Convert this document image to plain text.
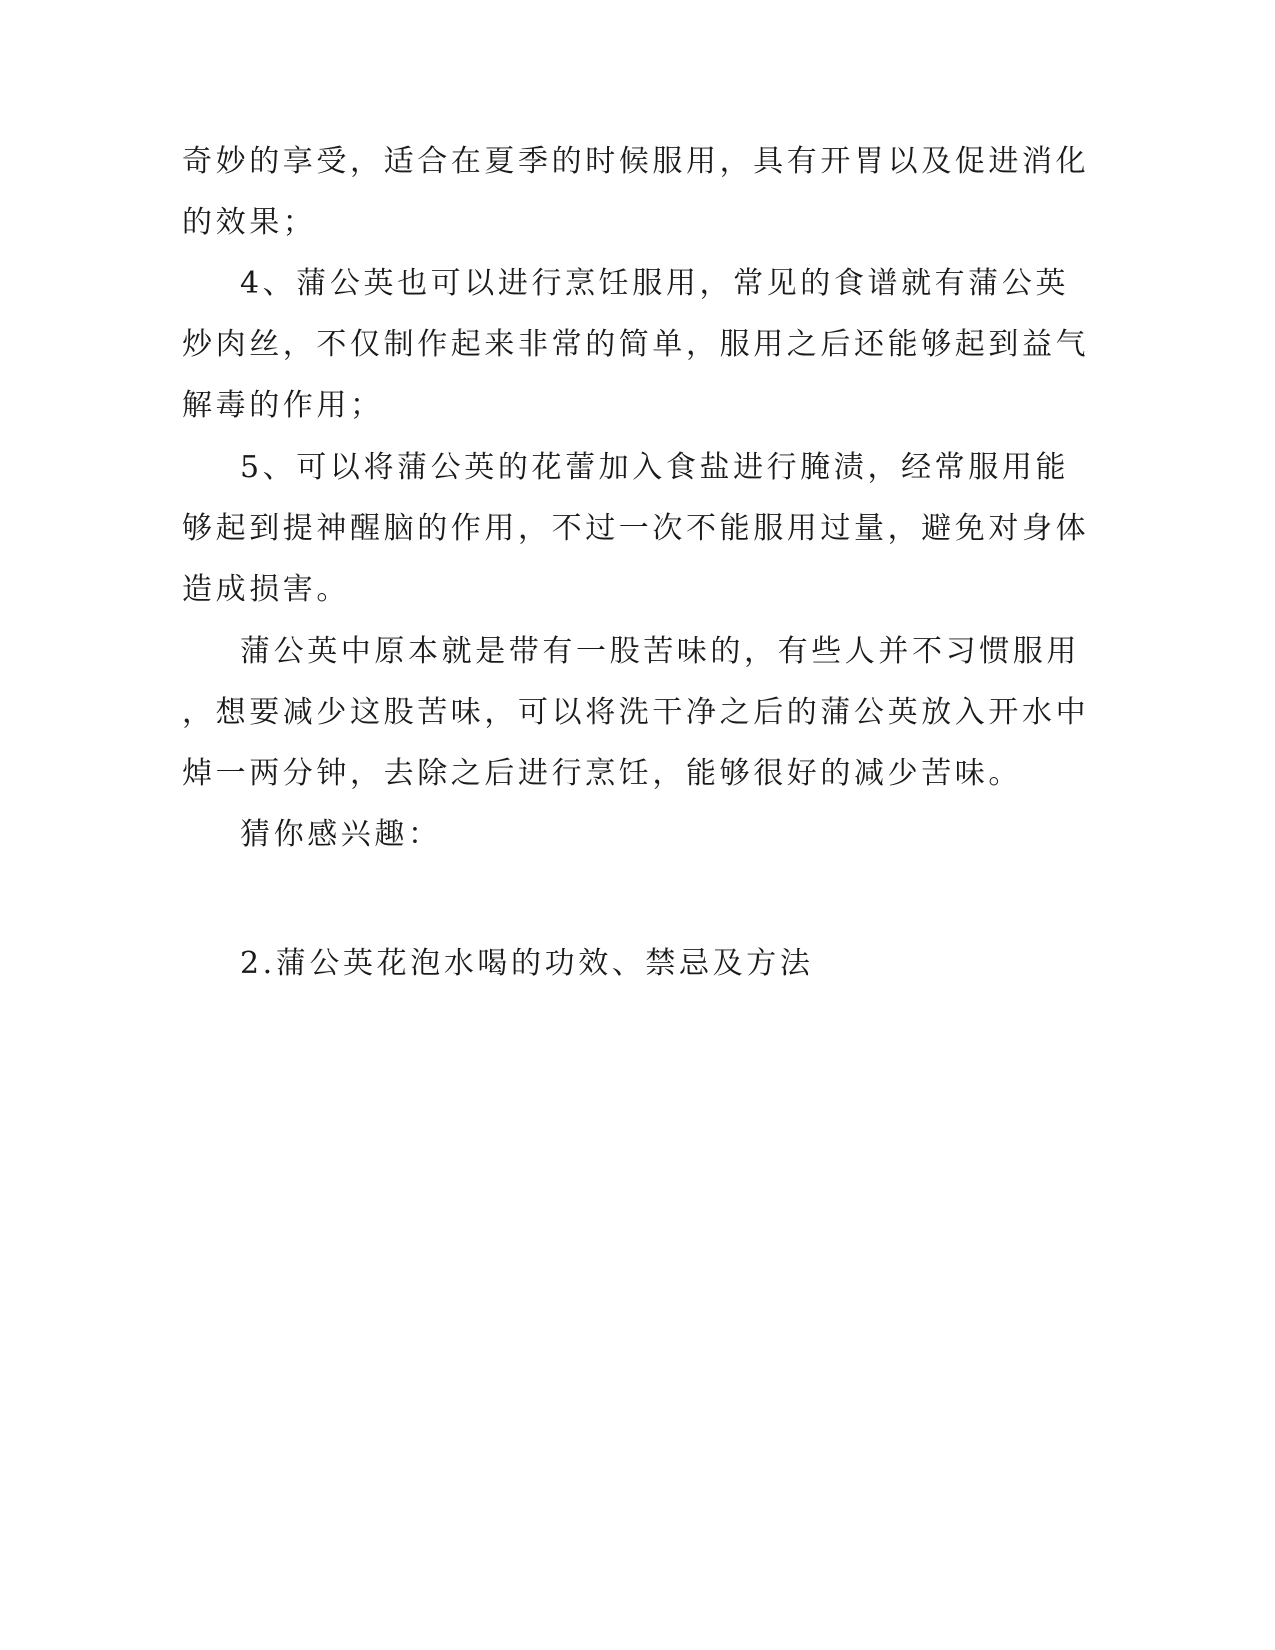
奇妙的享受，适合在夏季的时候服用，具有开胃以及促进消化
的效果；
4、蒲公英也可以进行烹饪服用，常见的食谱就有蒲公英
炒肉丝，不仅制作起来非常的简单，服用之后还能够起到益气
解毒的作用；
5、可以将蒲公英的花蕾加入食盐进行腌渍，经常服用能
够起到提神醒脑的作用，不过一次不能服用过量，避免对身体
造成损害。
蒲公英中原本就是带有一股苦味的，有些人并不习惯服用
，想要减少这股苦味，可以将洗干净之后的蒲公英放入开水中
焯一两分钟，去除之后进行烹饪，能够很好的减少苦味。
猜你感兴趣：
2.蒲公英花泡水喝的功效、禁忌及方法
